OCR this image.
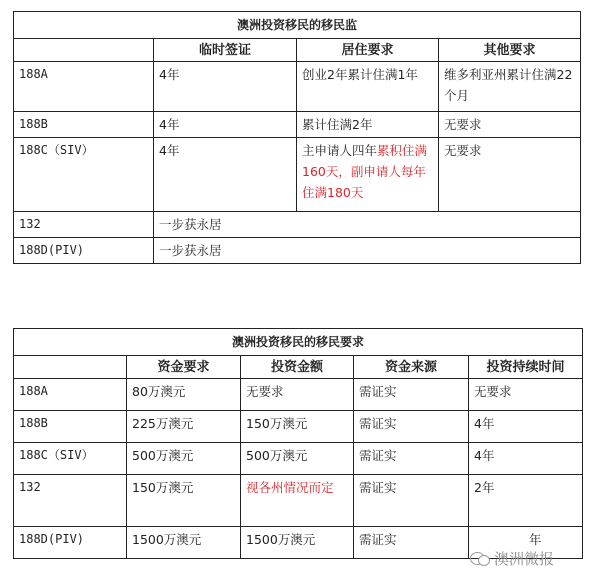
澳洲投资移民的移民监			
	临时签证	居住要求	其他要求
188A	4年	创业2年累计住满1年	维多利亚州累计住满22个月
188B	4年	累计住满2年	无要求
188C（SIV）	4年	主申请人四年累积住满160天，副申请人每年住满180天	无要求
132	一步获永居		
188D(PIV)	一步获永居		
澳洲投资移民的移民要求				
	资金要求	投资金额	资金来源	投资持续时间
188A	80万澳元	无要求	需证实	无要求
188B	225万澳元	150万澳元	需证实	4年
188C（SIV）	500万澳元	500万澳元	需证实	4年
132	150万澳元	视各州情况而定	需证实	2年
188D(PIV)	1500万澳元	1500万澳元	需证实	年
澳洲微报
